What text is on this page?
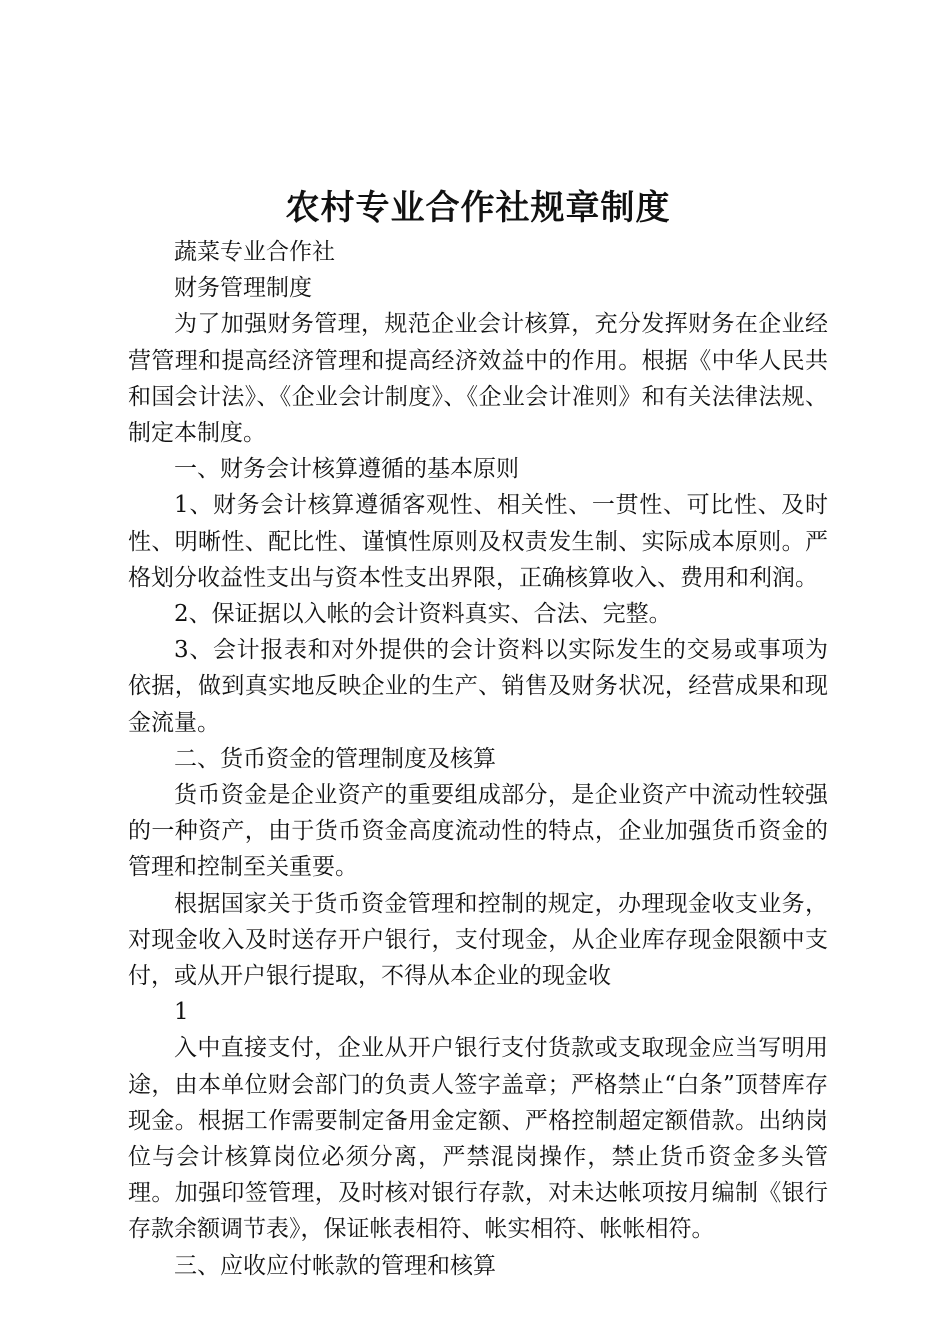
农村专业合作社规章制度

蔬菜专业合作社

财务管理制度

为了加强财务管理，规范企业会计核算，充分发挥财务在企业经营管理和提高经济管理和提高经济效益中的作用。根据《中华人民共和国会计法》、《企业会计制度》、《企业会计准则》和有关法律法规、制定本制度。

一、财务会计核算遵循的基本原则

1、财务会计核算遵循客观性、相关性、一贯性、可比性、及时性、明晰性、配比性、谨慎性原则及权责发生制、实际成本原则。严格划分收益性支出与资本性支出界限，正确核算收入、费用和利润。

2、保证据以入帐的会计资料真实、合法、完整。

3、会计报表和对外提供的会计资料以实际发生的交易或事项为依据，做到真实地反映企业的生产、销售及财务状况，经营成果和现金流量。

二、货币资金的管理制度及核算

货币资金是企业资产的重要组成部分，是企业资产中流动性较强的一种资产，由于货币资金高度流动性的特点，企业加强货币资金的管理和控制至关重要。

根据国家关于货币资金管理和控制的规定，办理现金收支业务，对现金收入及时送存开户银行，支付现金，从企业库存现金限额中支付，或从开户银行提取，不得从本企业的现金收

1

入中直接支付，企业从开户银行支付货款或支取现金应当写明用途，由本单位财会部门的负责人签字盖章；严格禁止“白条”顶替库存现金。根据工作需要制定备用金定额、严格控制超定额借款。出纳岗位与会计核算岗位必须分离，严禁混岗操作，禁止货币资金多头管理。加强印签管理，及时核对银行存款，对未达帐项按月编制《银行存款余额调节表》，保证帐表相符、帐实相符、帐帐相符。

三、应收应付帐款的管理和核算
